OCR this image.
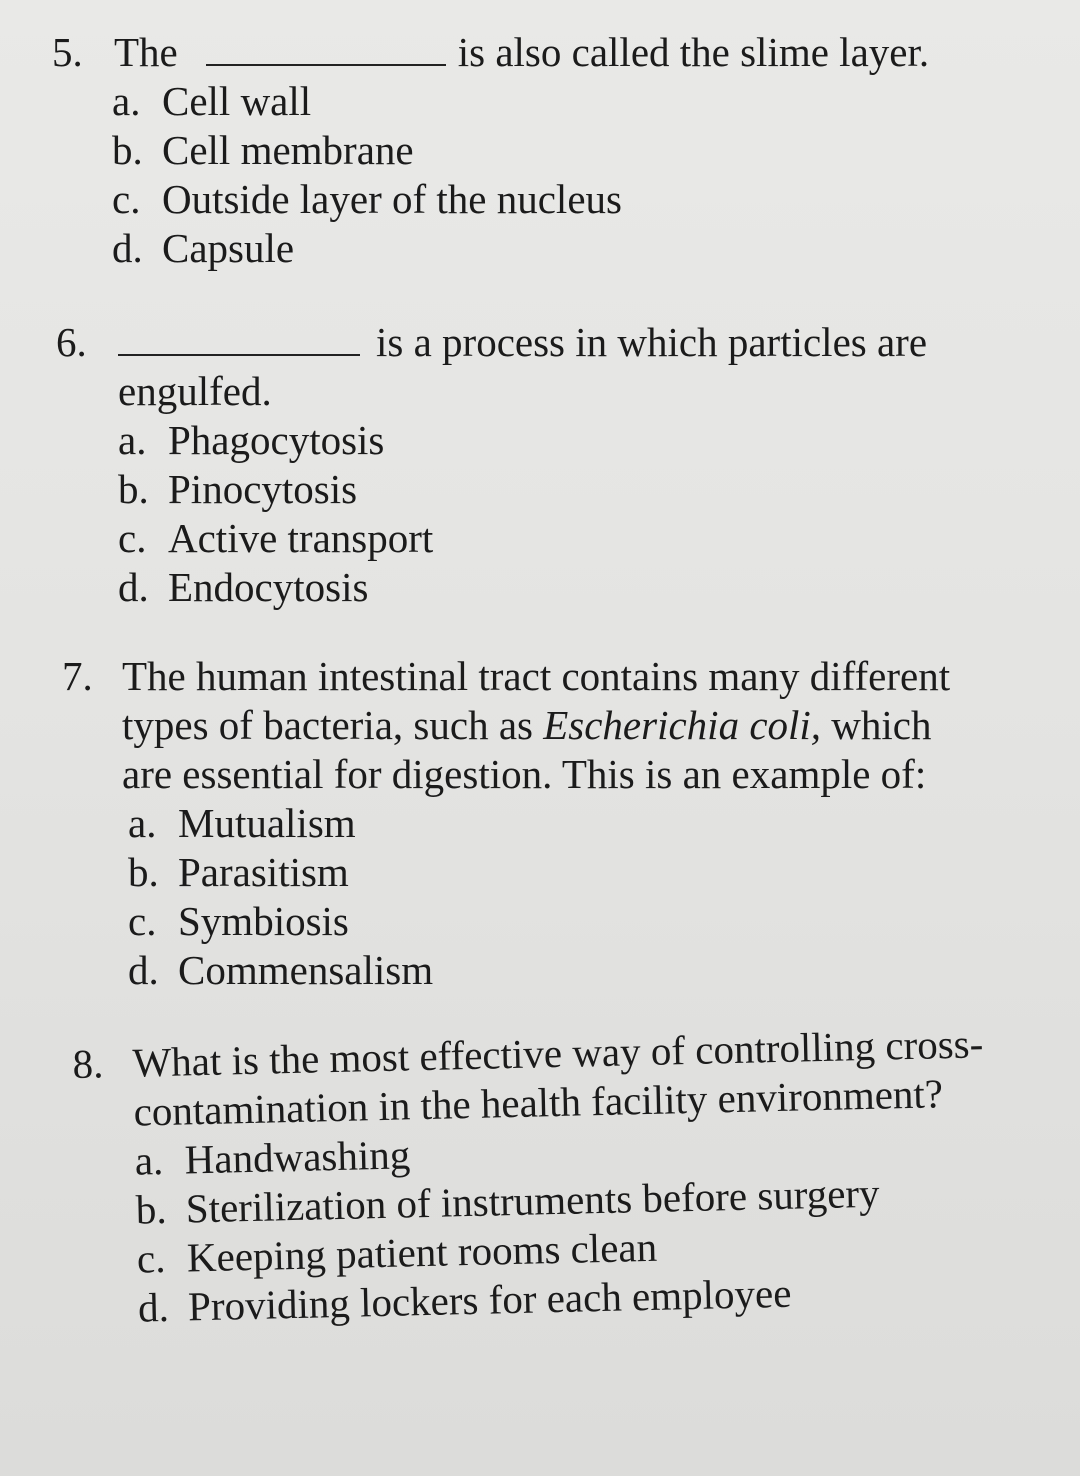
5. The	is also called the slime layer.
a. Cell wall
b. Cell membrane
c. Outside layer of the nucleus
d. Capsule
6.	is a process in which particles are
engulfed.
a. Phagocytosis
b. Pinocytosis
c. Active transport
d. Endocytosis
7. The human intestinal tract contains many different
types of bacteria, such as Escherichia coli, which
are essential for digestion. This is an example of:
a. Mutualism
b. Parasitism
c. Symbiosis
d. Commensalism
8. What is the most effective way of controlling cross-
contamination in the health facility environment?
a. Handwashing
b. Sterilization of instruments before surgery
c. Keeping patient rooms clean
d. Providing lockers for each employee
